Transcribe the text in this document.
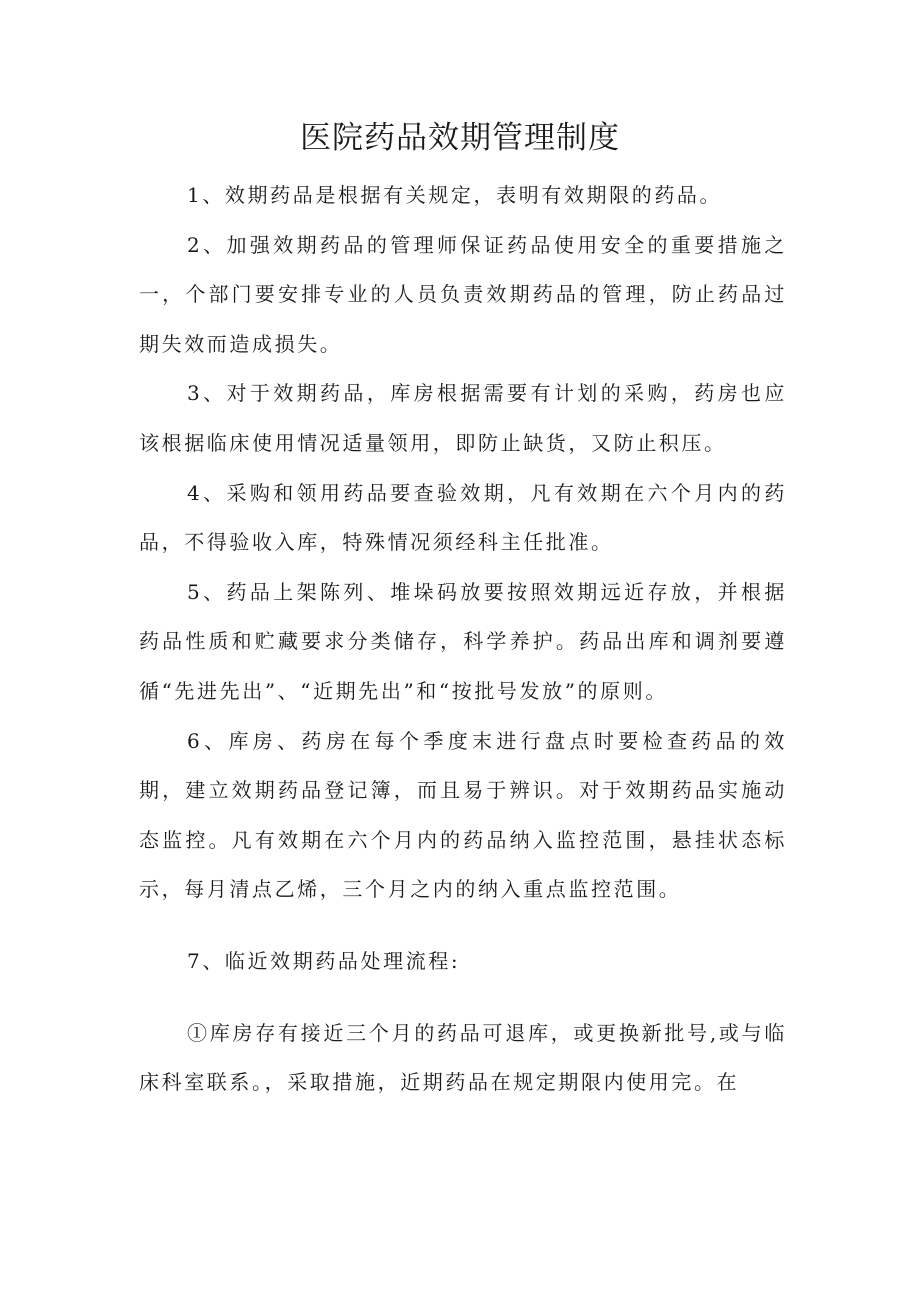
医院药品效期管理制度

1、效期药品是根据有关规定，表明有效期限的药品。

2、加强效期药品的管理师保证药品使用安全的重要措施之一，个部门要安排专业的人员负责效期药品的管理，防止药品过期失效而造成损失。

3、对于效期药品，库房根据需要有计划的采购，药房也应该根据临床使用情况适量领用，即防止缺货，又防止积压。

4、采购和领用药品要查验效期，凡有效期在六个月内的药品，不得验收入库，特殊情况须经科主任批准。

5、药品上架陈列、堆垛码放要按照效期远近存放，并根据药品性质和贮藏要求分类储存，科学养护。药品出库和调剂要遵循“先进先出”、“近期先出”和“按批号发放”的原则。

6、库房、药房在每个季度末进行盘点时要检查药品的效期，建立效期药品登记簿，而且易于辨识。对于效期药品实施动态监控。凡有效期在六个月内的药品纳入监控范围，悬挂状态标示，每月清点乙烯，三个月之内的纳入重点监控范围。

7、临近效期药品处理流程:

①库房存有接近三个月的药品可退库，或更换新批号,或与临床科室联系。，采取措施，近期药品在规定期限内使用完。在
